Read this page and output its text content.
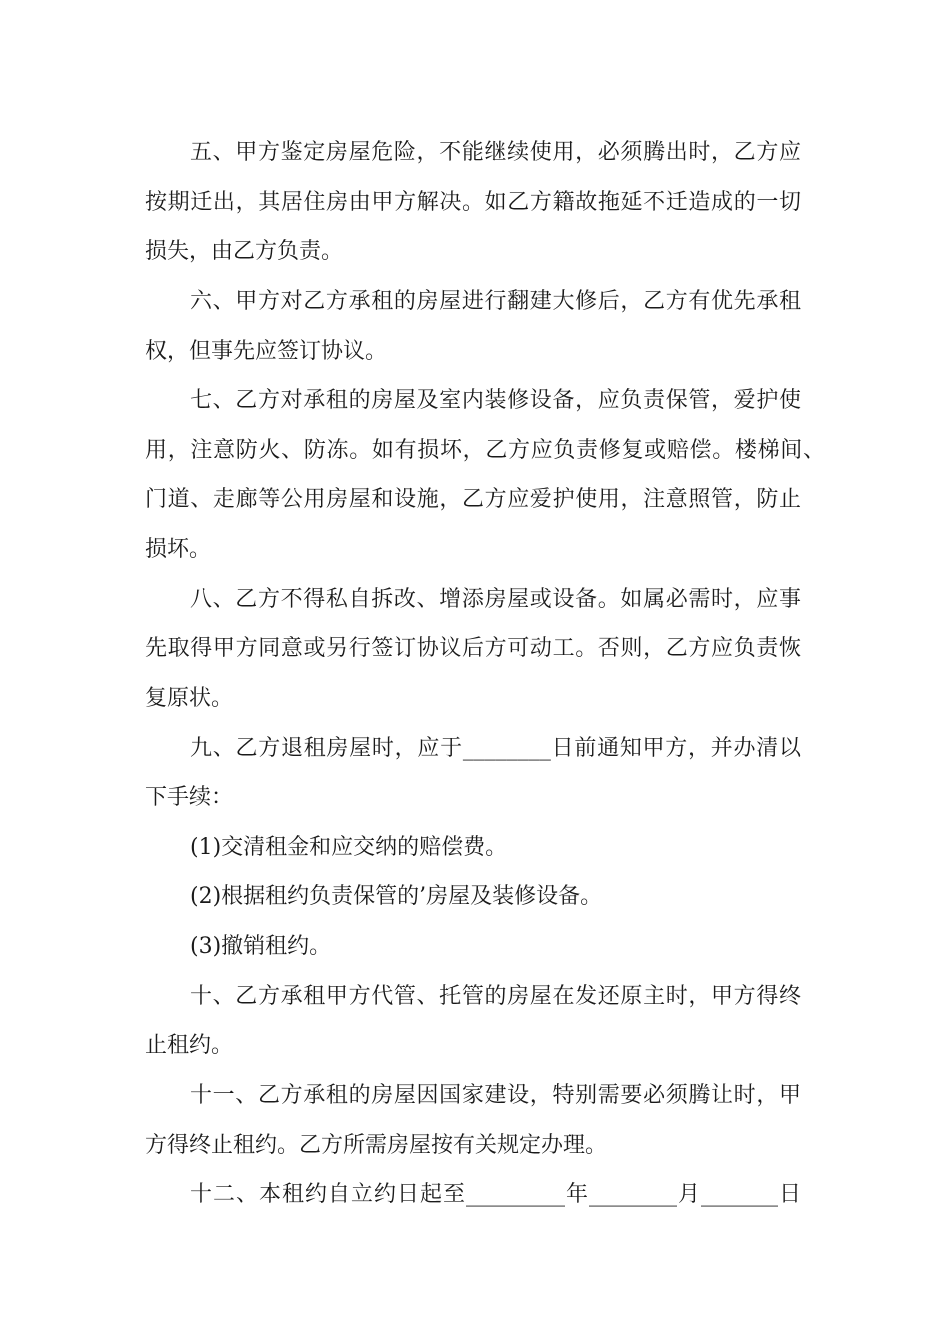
五、甲方鉴定房屋危险，不能继续使用，必须腾出时，乙方应
按期迁出，其居住房由甲方解决。如乙方籍故拖延不迁造成的一切
损失，由乙方负责。
六、甲方对乙方承租的房屋进行翻建大修后，乙方有优先承租
权，但事先应签订协议。
七、乙方对承租的房屋及室内装修设备，应负责保管，爱护使
用，注意防火、防冻。如有损坏，乙方应负责修复或赔偿。楼梯间、
门道、走廊等公用房屋和设施，乙方应爱护使用，注意照管，防止
损坏。
八、乙方不得私自拆改、增添房屋或设备。如属必需时，应事
先取得甲方同意或另行签订协议后方可动工。否则，乙方应负责恢
复原状。
九、乙方退租房屋时，应于________日前通知甲方，并办清以
下手续：
(1)交清租金和应交纳的赔偿费。
(2)根据租约负责保管的’房屋及装修设备。
(3)撤销租约。
十、乙方承租甲方代管、托管的房屋在发还原主时，甲方得终
止租约。
十一、乙方承租的房屋因国家建设，特别需要必须腾让时，甲
方得终止租约。乙方所需房屋按有关规定办理。
十二、本租约自立约日起至_________年________月_______日
